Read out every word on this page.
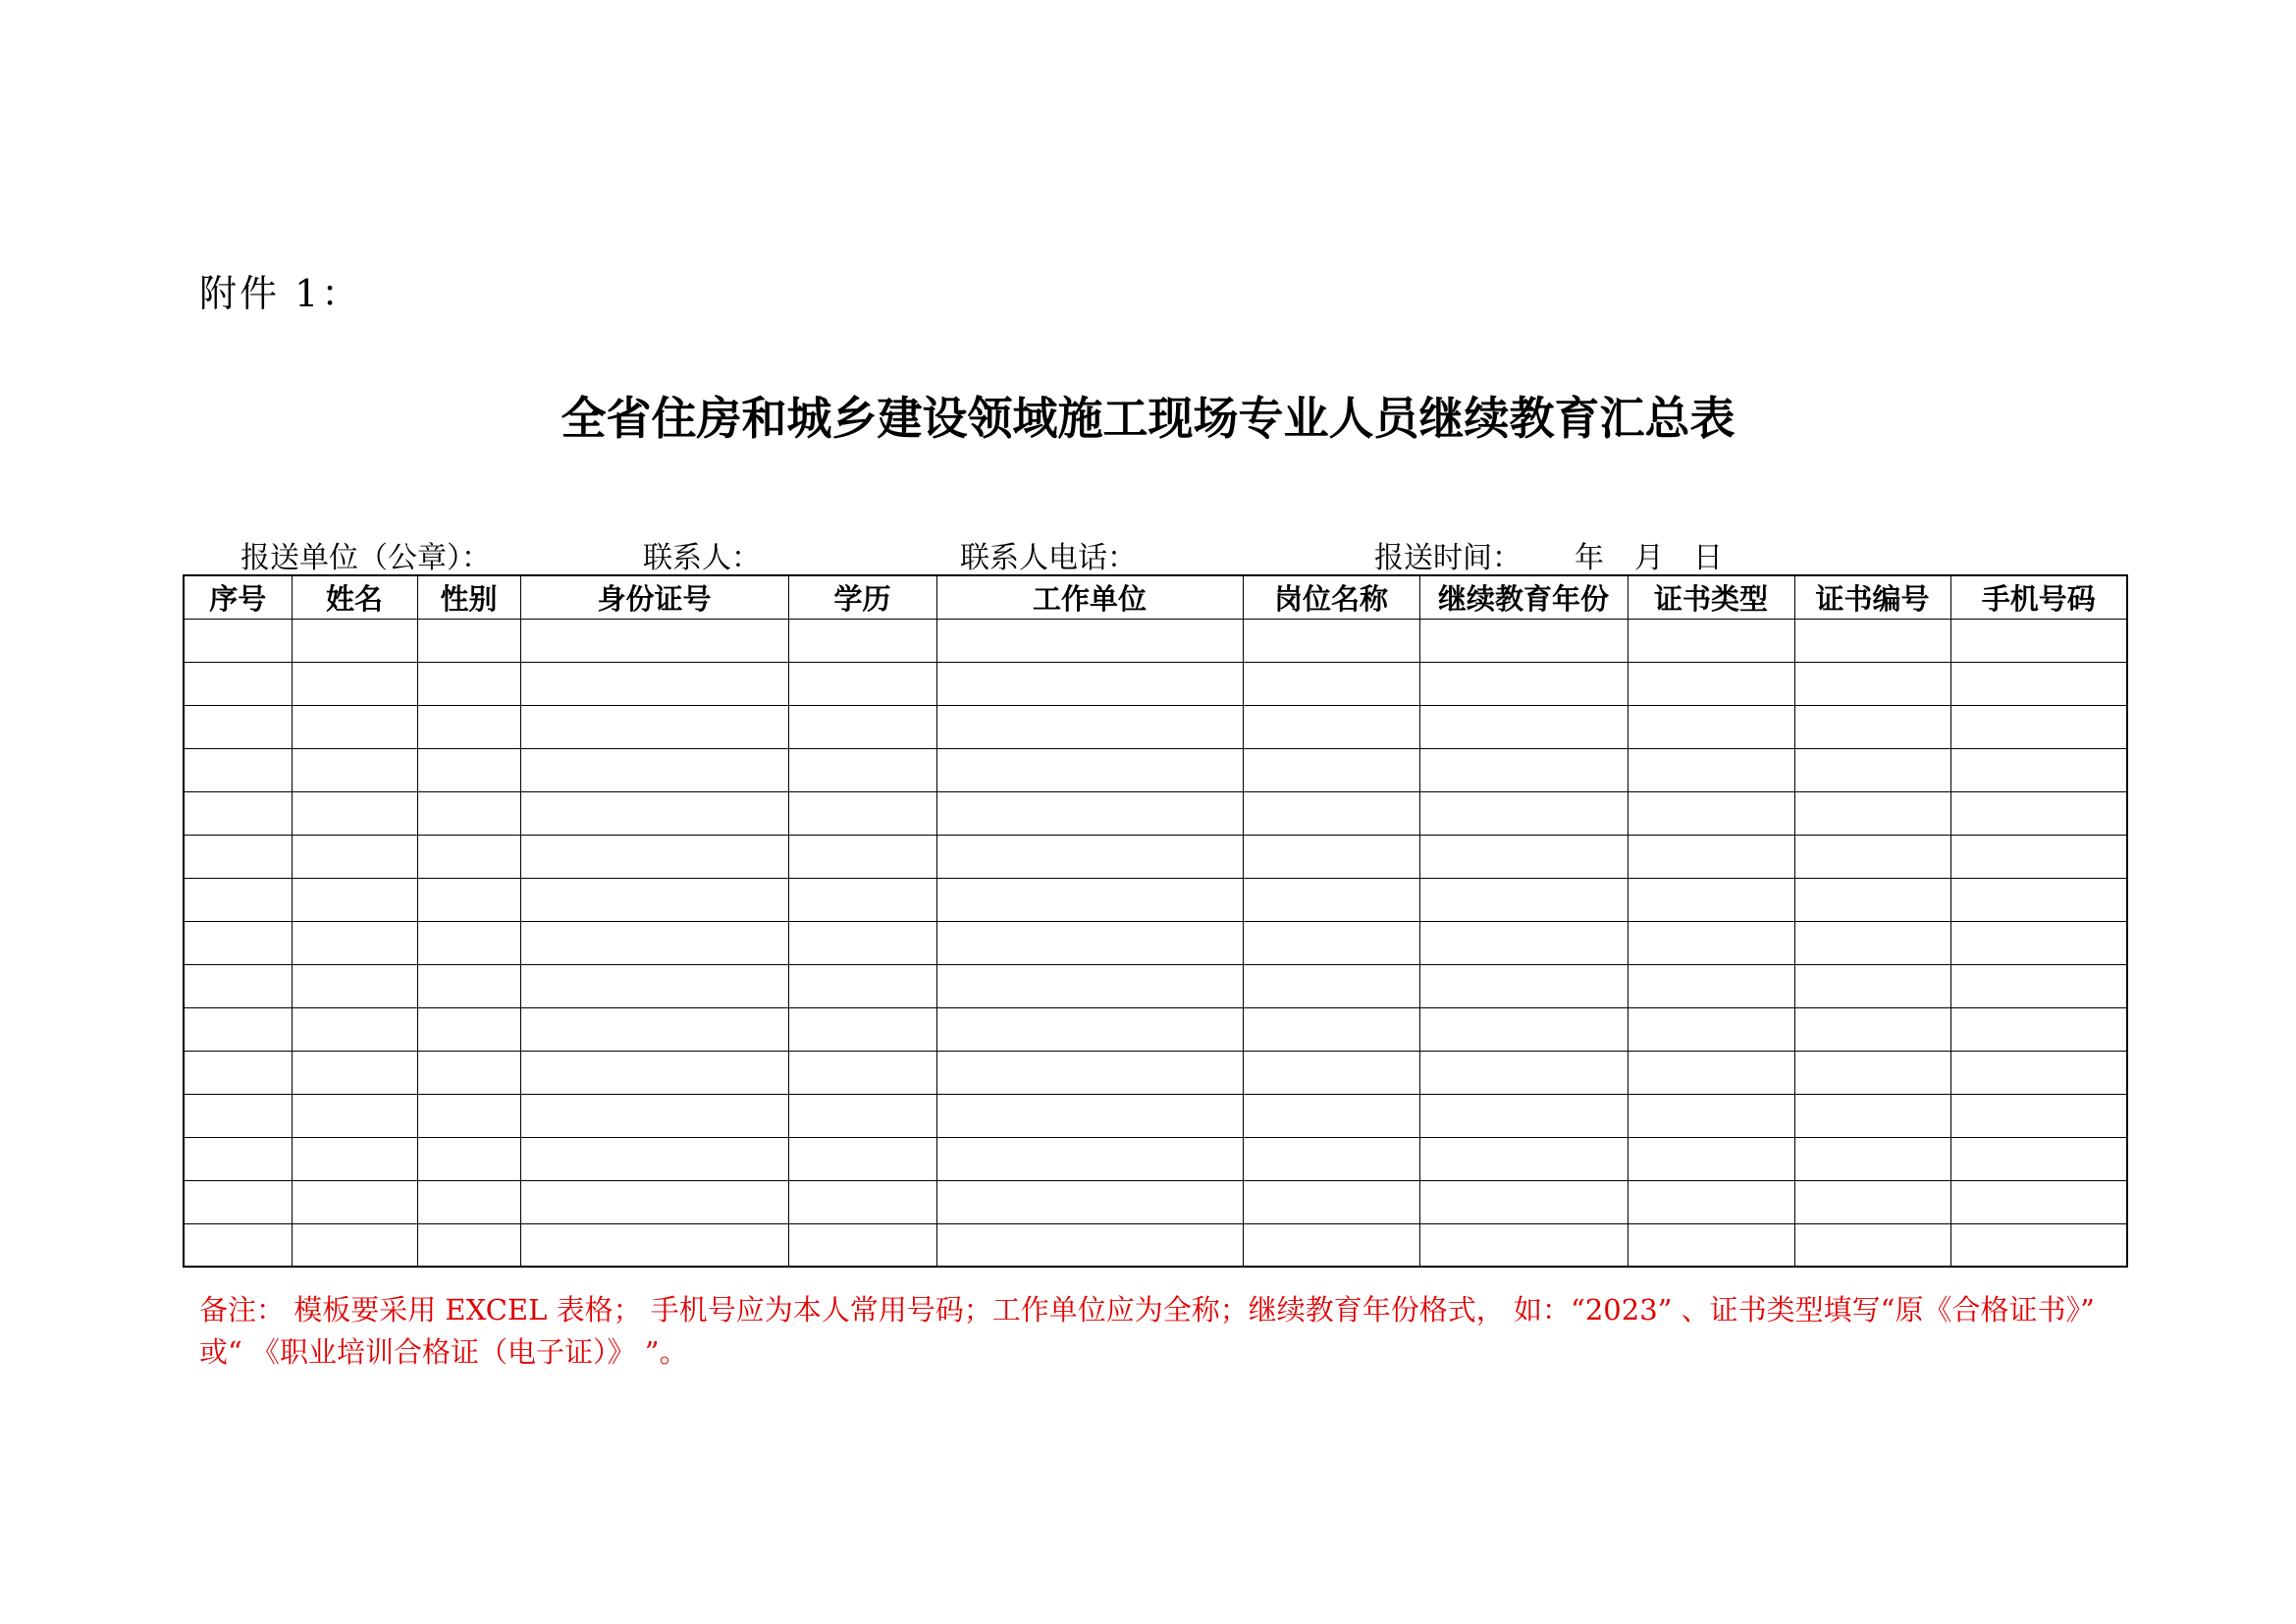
附件 1：
全省住房和城乡建设领域施工现场专业人员继续教育汇总表
报送单位（公章）：	联系人：	联系人电话：	报送时间： 年 月 日
序号	姓名	性别	身份证号	学历	工作单位	岗位名称	继续教育年份	证书类型	证书编号	手机号码

备注： 模板要采用 EXCEL 表格； 手机号应为本人常用号码；工作单位应为全称；继续教育年份格式， 如：“2023” 、证书类型填写“原《合格证书》”
或“ 《职业培训合格证（电子证）》 ”。
